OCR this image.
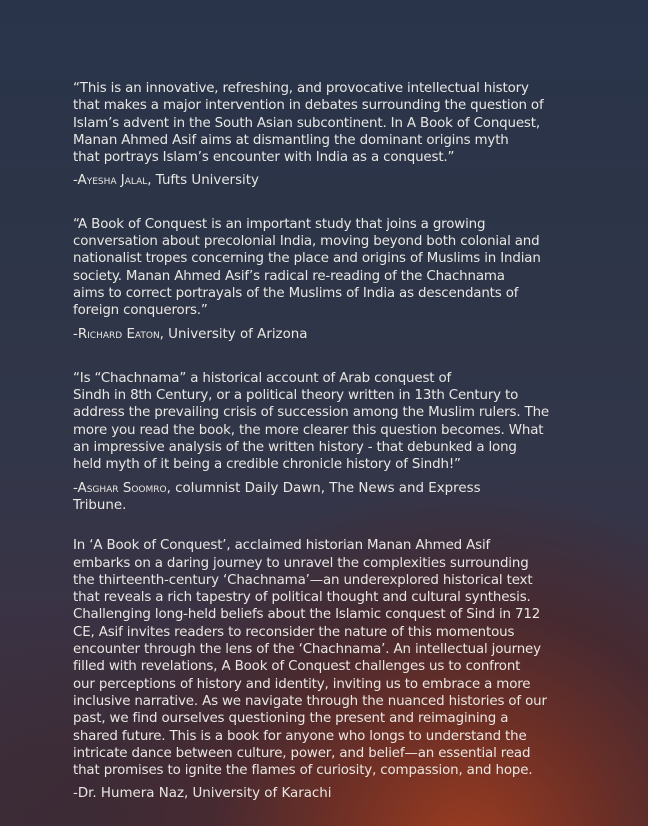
“This is an innovative, refreshing, and provocative intellectual history
that makes a major intervention in debates surrounding the question of
Islam’s advent in the South Asian subcontinent. In A Book of Conquest,
Manan Ahmed Asif aims at dismantling the dominant origins myth
that portrays Islam’s encounter with India as a conquest.”

-Ayesha Jalal, Tufts University

“A Book of Conquest is an important study that joins a growing
conversation about precolonial India, moving beyond both colonial and
nationalist tropes concerning the place and origins of Muslims in Indian
society. Manan Ahmed Asif’s radical re-reading of the Chachnama
aims to correct portrayals of the Muslims of India as descendants of
foreign conquerors.”

-Richard Eaton, University of Arizona

“Is “Chachnama” a historical account of Arab conquest of
Sindh in 8th Century, or a political theory written in 13th Century to
address the prevailing crisis of succession among the Muslim rulers. The
more you read the book, the more clearer this question becomes. What
an impressive analysis of the written history - that debunked a long
held myth of it being a credible chronicle history of Sindh!”

-Asghar Soomro, columnist Daily Dawn, The News and Express
Tribune.

In ‘A Book of Conquest’, acclaimed historian Manan Ahmed Asif
embarks on a daring journey to unravel the complexities surrounding
the thirteenth-century ‘Chachnama’—an underexplored historical text
that reveals a rich tapestry of political thought and cultural synthesis.
Challenging long-held beliefs about the Islamic conquest of Sind in 712
CE, Asif invites readers to reconsider the nature of this momentous
encounter through the lens of the ‘Chachnama’. An intellectual journey
filled with revelations, A Book of Conquest challenges us to confront
our perceptions of history and identity, inviting us to embrace a more
inclusive narrative. As we navigate through the nuanced histories of our
past, we find ourselves questioning the present and reimagining a
shared future. This is a book for anyone who longs to understand the
intricate dance between culture, power, and belief—an essential read
that promises to ignite the flames of curiosity, compassion, and hope.

-Dr. Humera Naz, University of Karachi
